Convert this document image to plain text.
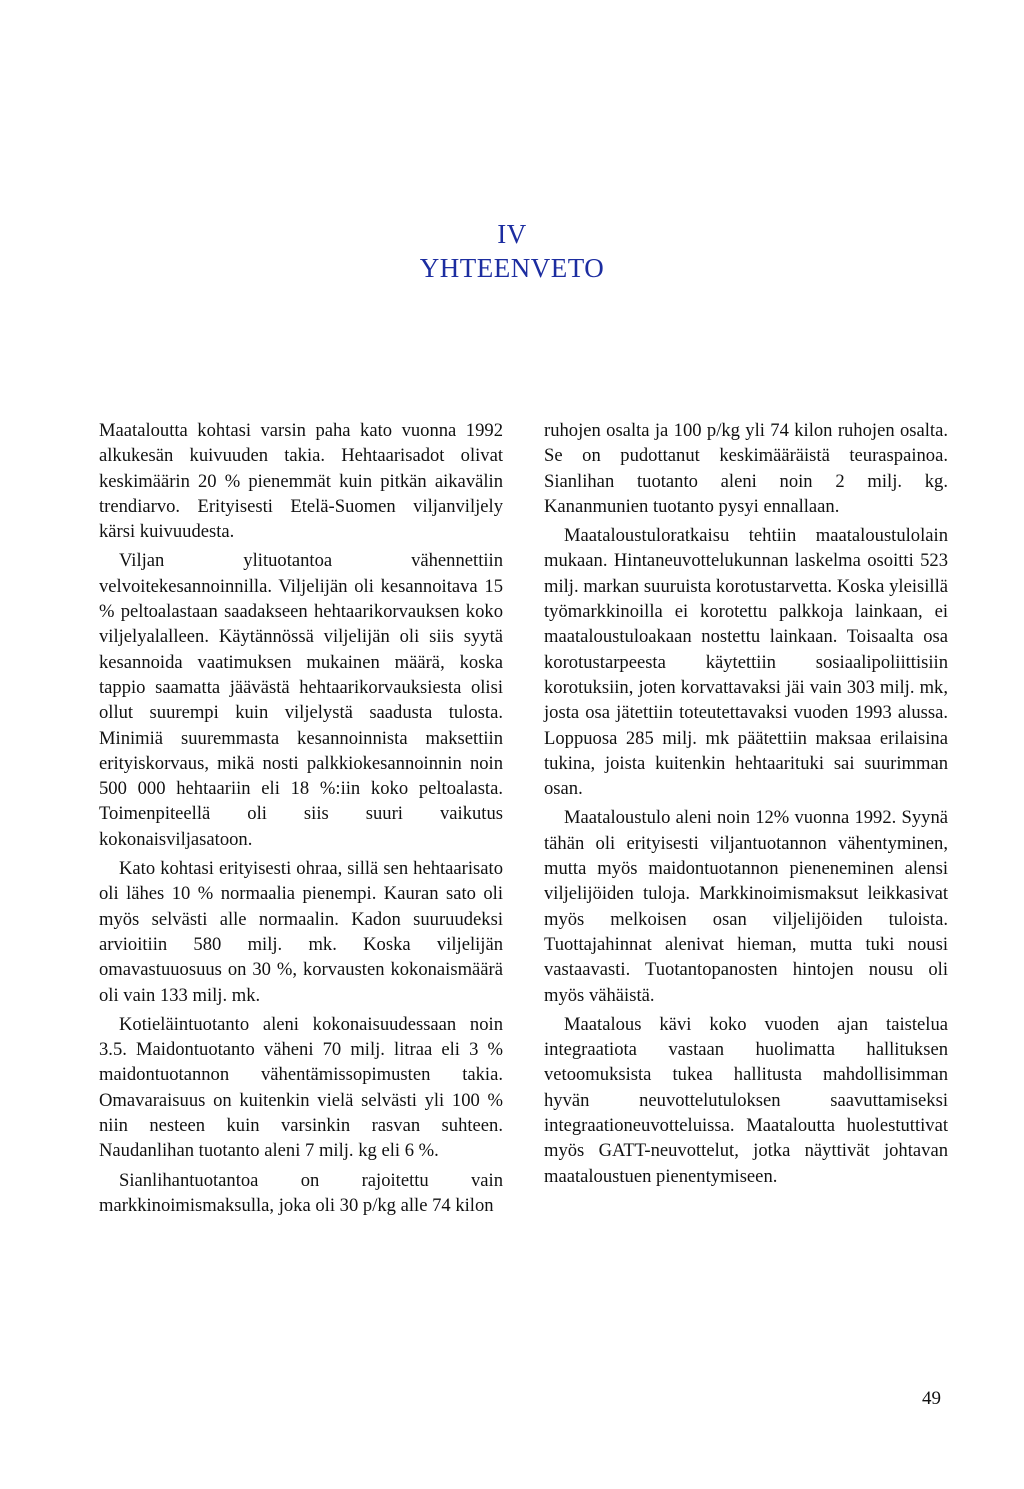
IV
YHTEENVETO

Maataloutta kohtasi varsin paha kato vuonna 1992 alkukesän kuivuuden takia. Hehtaarisadot olivat keskimäärin 20 % pienemmät kuin pitkän aikavälin trendiarvo. Erityisesti Etelä-Suomen viljanviljely kärsi kuivuudesta.

Viljan ylituotantoa vähennettiin velvoitekesannoinnilla. Viljelijän oli kesannoitava 15 % peltoalastaan saadakseen hehtaarikorvauksen koko viljelyalalleen. Käytännössä viljelijän oli siis syytä kesannoida vaatimuksen mukainen määrä, koska tappio saamatta jäävästä hehtaarikorvauksiesta olisi ollut suurempi kuin viljelystä saadusta tulosta. Minimiä suuremmasta kesannoinnista maksettiin erityiskorvaus, mikä nosti palkkiokesannoinnin noin 500 000 hehtaariin eli 18 %:iin koko peltoalasta. Toimenpiteellä oli siis suuri vaikutus kokonaisviljasatoon.

Kato kohtasi erityisesti ohraa, sillä sen hehtaarisato oli lähes 10 % normaalia pienempi. Kauran sato oli myös selvästi alle normaalin. Kadon suuruudeksi arvioitiin 580 milj. mk. Koska viljelijän omavastuuosuus on 30 %, korvausten kokonaismäärä oli vain 133 milj. mk.

Kotieläintuotanto aleni kokonaisuudessaan noin 3.5. Maidontuotanto väheni 70 milj. litraa eli 3 % maidontuotannon vähentämissopimusten takia. Omavaraisuus on kuitenkin vielä selvästi yli 100 % niin nesteen kuin varsinkin rasvan suhteen. Naudanlihan tuotanto aleni 7 milj. kg eli 6 %.

Sianlihantuotantoa on rajoitettu vain markkinoimismaksulla, joka oli 30 p/kg alle 74 kilon

ruhojen osalta ja 100 p/kg yli 74 kilon ruhojen osalta. Se on pudottanut keskimääräistä teuraspainoa. Sianlihan tuotanto aleni noin 2 milj. kg. Kananmunien tuotanto pysyi ennallaan.

Maataloustuloratkaisu tehtiin maataloustulolain mukaan. Hintaneuvottelukunnan laskelma osoitti 523 milj. markan suuruista korotustarvetta. Koska yleisillä työmarkkinoilla ei korotettu palkkoja lainkaan, ei maataloustuloakaan nostettu lainkaan. Toisaalta osa korotustarpeesta käytettiin sosiaalipoliittisiin korotuksiin, joten korvattavaksi jäi vain 303 milj. mk, josta osa jätettiin toteutettavaksi vuoden 1993 alussa. Loppuosa 285 milj. mk päätettiin maksaa erilaisina tukina, joista kuitenkin hehtaarituki sai suurimman osan.

Maataloustulo aleni noin 12% vuonna 1992. Syynä tähän oli erityisesti viljantuotannon vähentyminen, mutta myös maidontuotannon pieneneminen alensi viljelijöiden tuloja. Markkinoimismaksut leikkasivat myös melkoisen osan viljelijöiden tuloista. Tuottajahinnat alenivat hieman, mutta tuki nousi vastaavasti. Tuotantopanosten hintojen nousu oli myös vähäistä.

Maatalous kävi koko vuoden ajan taistelua integraatiota vastaan huolimatta hallituksen vetoomuksista tukea hallitusta mahdollisimman hyvän neuvottelutuloksen saavuttamiseksi integraationeuvotteluissa. Maataloutta huolestuttivat myös GATT-neuvottelut, jotka näyttivät johtavan maataloustuen pienentymiseen.

49
